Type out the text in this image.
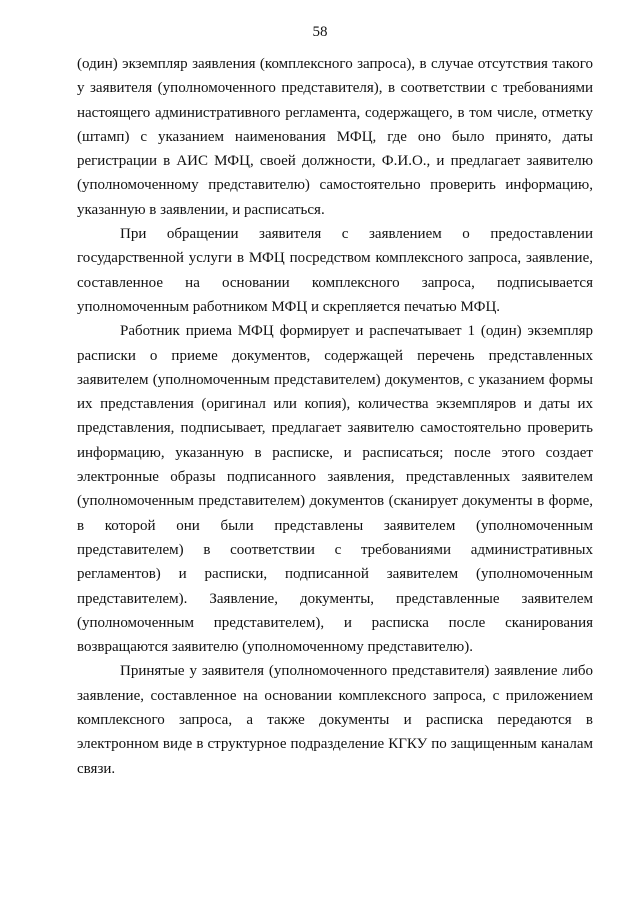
58

(один) экземпляр заявления (комплексного запроса), в случае отсутствия такого у заявителя (уполномоченного представителя), в соответствии с требованиями настоящего административного регламента, содержащего, в том числе, отметку (штамп) с указанием наименования МФЦ, где оно было принято, даты регистрации в АИС МФЦ, своей должности, Ф.И.О., и предлагает заявителю (уполномоченному представителю) самостоятельно проверить информацию, указанную в заявлении, и расписаться.

При обращении заявителя с заявлением о предоставлении государственной услуги в МФЦ посредством комплексного запроса, заявление, составленное на основании комплексного запроса, подписывается уполномоченным работником МФЦ и скрепляется печатью МФЦ.

Работник приема МФЦ формирует и распечатывает 1 (один) экземпляр расписки о приеме документов, содержащей перечень представленных заявителем (уполномоченным представителем) документов, с указанием формы их представления (оригинал или копия), количества экземпляров и даты их представления, подписывает, предлагает заявителю самостоятельно проверить информацию, указанную в расписке, и расписаться; после этого создает электронные образы подписанного заявления, представленных заявителем (уполномоченным представителем) документов (сканирует документы в форме, в которой они были представлены заявителем (уполномоченным представителем) в соответствии с требованиями административных регламентов) и расписки, подписанной заявителем (уполномоченным представителем). Заявление, документы, представленные заявителем (уполномоченным представителем), и расписка после сканирования возвращаются заявителю (уполномоченному представителю).

Принятые у заявителя (уполномоченного представителя) заявление либо заявление, составленное на основании комплексного запроса, с приложением комплексного запроса, а также документы и расписка передаются в электронном виде в структурное подразделение КГКУ по защищенным каналам связи.
